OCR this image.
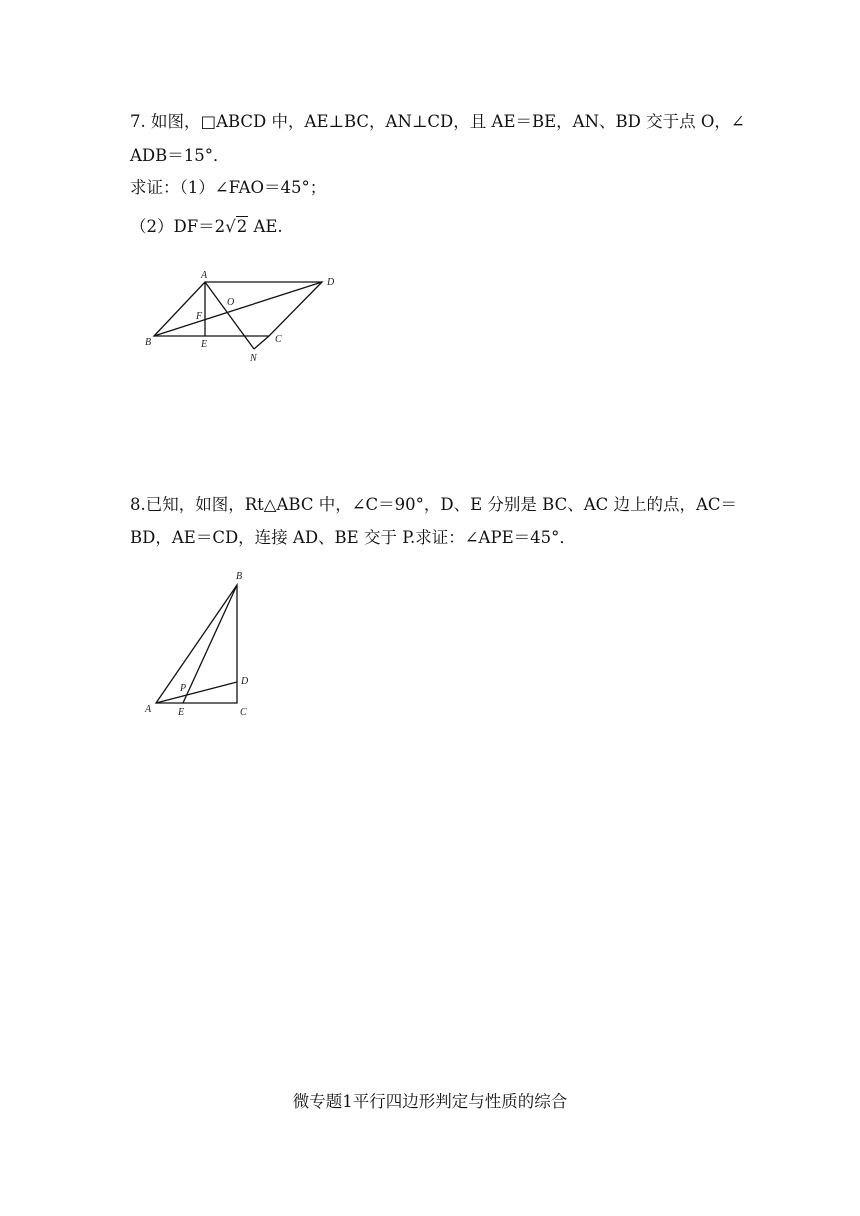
7. 如图，□ABCD 中，AE⊥BC，AN⊥CD，且 AE＝BE，AN、BD 交于点 O，∠
ADB＝15°．
求证：（1）∠FAO＝45°；
（2）DF＝2√2 AE.
A
D
O
F
B	E	C
N
8.已知，如图，Rt△ABC 中，∠C＝90°，D、E 分别是 BC、AC 边上的点，AC＝
BD，AE＝CD，连接 AD、BE 交于 P.求证：∠APE＝45°．
B
D
P
A	E	C
微专题1平行四边形判定与性质的综合
